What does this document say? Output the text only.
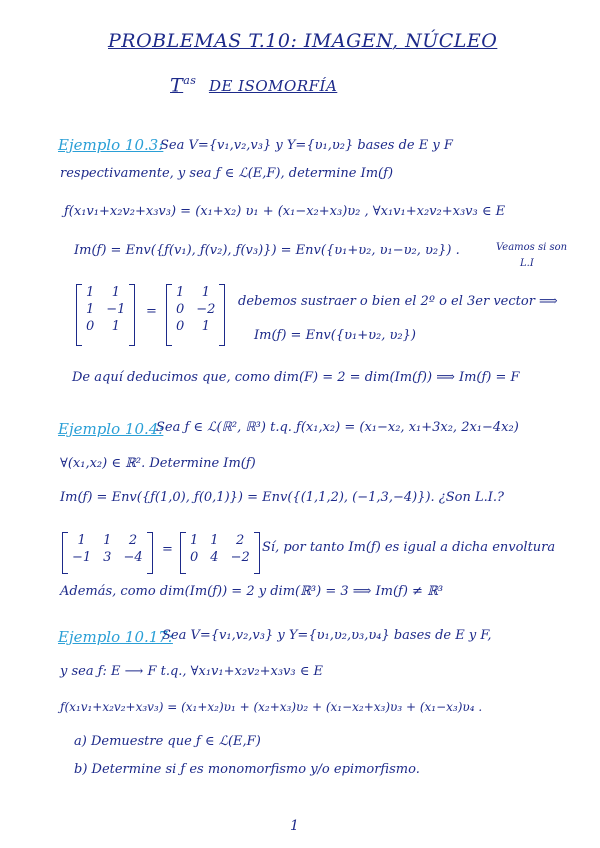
PROBLEMAS T.10: IMAGEN, NÚCLEO
$T^{as}$ DE ISOMORFÍA
Ejemplo 10.3:
Sea V={v₁,v₂,v₃} y Y={υ₁,υ₂} bases de E y F
respectivamente, y sea ƒ ∈ ℒ(E,F), determine Im(ƒ)
ƒ(x₁v₁+x₂v₂+x₃v₃) = (x₁+x₂) υ₁ + (x₁−x₂+x₃)υ₂ , ∀x₁v₁+x₂v₂+x₃v₃ ∈ E
Im(ƒ) = Env({ƒ(v₁), ƒ(v₂), ƒ(v₃)}) = Env({υ₁+υ₂, υ₁−υ₂, υ₂}) .	Veamos si son
L.I
1	1
1	−1
0	1
=
1	1
0	−2
0	1
debemos sustraer o bien el 2º o el 3er vector ⟹
Im(ƒ) = Env({υ₁+υ₂, υ₂})
De aquí deducimos que, como dim(F) = 2 = dim(Im(ƒ)) ⟹ Im(ƒ) = F
Ejemplo 10.4:
Sea ƒ ∈ ℒ(ℝ², ℝ³) t.q. ƒ(x₁,x₂) = (x₁−x₂, x₁+3x₂, 2x₁−4x₂)
∀(x₁,x₂) ∈ ℝ². Determine Im(ƒ)
Im(ƒ) = Env({ƒ(1,0), ƒ(0,1)}) = Env({(1,1,2), (−1,3,−4)}). ¿Son L.I.?
1	1	2
−1	3	−4
=
1	1	2
0	4	−2
Sí, por tanto Im(ƒ) es igual a dicha envoltura
Además, como dim(Im(ƒ)) = 2 y dim(ℝ³) = 3 ⟹ Im(ƒ) ≠ ℝ³
Ejemplo 10.17:
Sea V={v₁,v₂,v₃} y Y={υ₁,υ₂,υ₃,υ₄} bases de E y F,
y sea ƒ: E ⟶ F t.q., ∀x₁v₁+x₂v₂+x₃v₃ ∈ E
ƒ(x₁v₁+x₂v₂+x₃v₃) = (x₁+x₂)υ₁ + (x₂+x₃)υ₂ + (x₁−x₂+x₃)υ₃ + (x₁−x₃)υ₄ .
a) Demuestre que ƒ ∈ ℒ(E,F)
b) Determine si ƒ es monomorfismo y/o epimorfismo.
1
